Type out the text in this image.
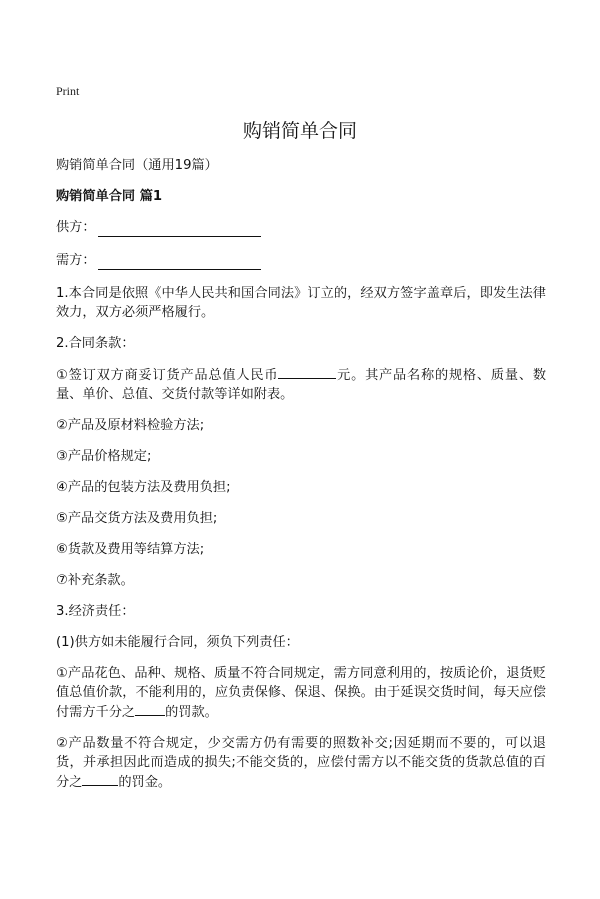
Print
购销简单合同

购销简单合同（通用19篇）

购销简单合同 篇1

供方：

需方：

1.本合同是依照《中华人民共和国合同法》订立的，经双方签字盖章后，即发生法律效力，双方必须严格履行。

2.合同条款：

①签订双方商妥订货产品总值人民币	元。其产品名称的规格、质量、数量、单价、总值、交货付款等详如附表。

②产品及原材料检验方法;

③产品价格规定;

④产品的包装方法及费用负担;

⑤产品交货方法及费用负担;

⑥货款及费用等结算方法;

⑦补充条款。

3.经济责任：

(1)供方如未能履行合同，须负下列责任：

①产品花色、品种、规格、质量不符合同规定，需方同意利用的，按质论价，退货贬值总值价款，不能利用的，应负责保修、保退、保换。由于延误交货时间，每天应偿付需方千分之 的罚款。

②产品数量不符合规定，少交需方仍有需要的照数补交;因延期而不要的，可以退货，并承担因此而造成的损失;不能交货的，应偿付需方以不能交货的货款总值的百分之	的罚金。
